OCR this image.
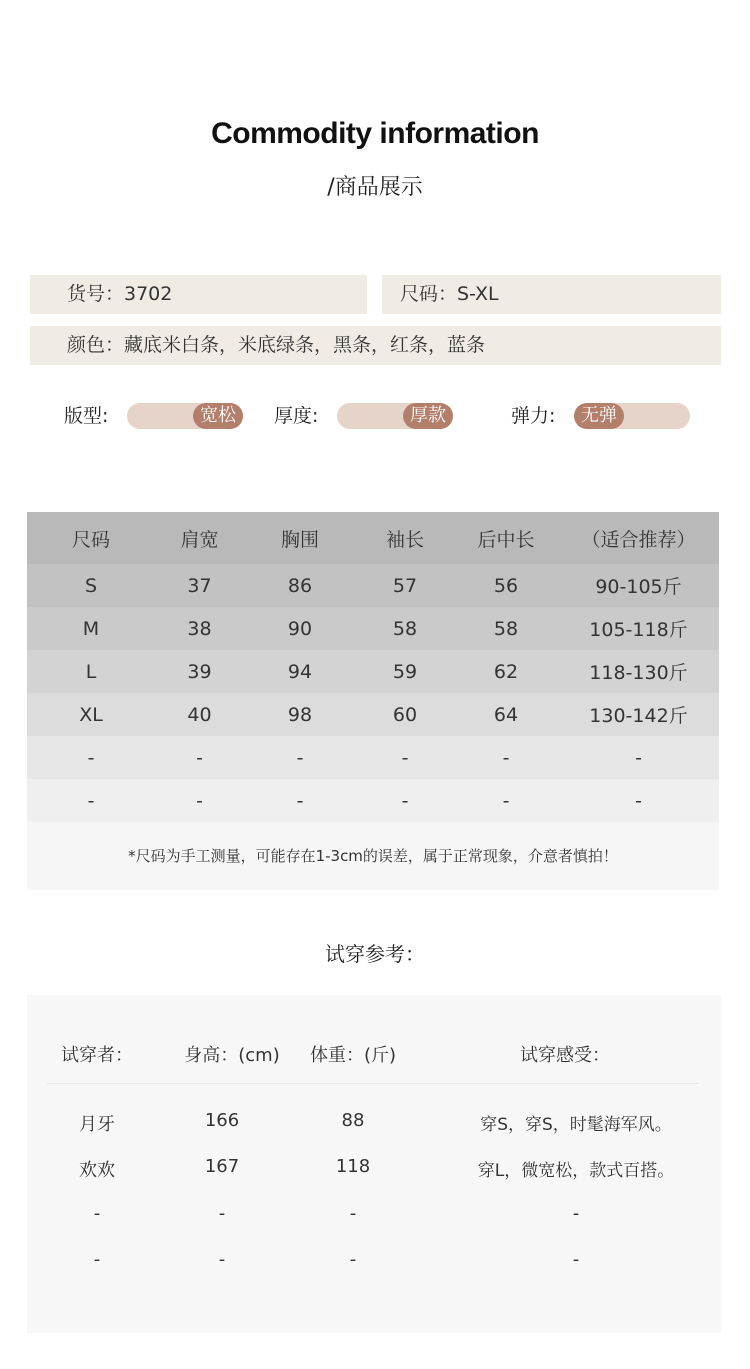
Commodity information
/商品展示
货号：3702	尺码：S-XL
颜色：藏底米白条，米底绿条，黑条，红条，蓝条
版型:	宽松	厚度:	厚款	弹力:	无弹
尺码	肩宽	胸围	袖长	后中长	（适合推荐）
S	37	86	57	56	90-105斤
M	38	90	58	58	105-118斤
L	39	94	59	62	118-130斤
XL	40	98	60	64	130-142斤
-	-	-	-	-	-
-	-	-	-	-	-
*尺码为手工测量，可能存在1-3cm的误差，属于正常现象，介意者慎拍！
试穿参考：
试穿者：	身高：(cm)	体重：(斤)	试穿感受：
月牙	166	88	穿S，穿S，时髦海军风。
欢欢	167	118	穿L，微宽松，款式百搭。
-	-	-	-
-	-	-	-
